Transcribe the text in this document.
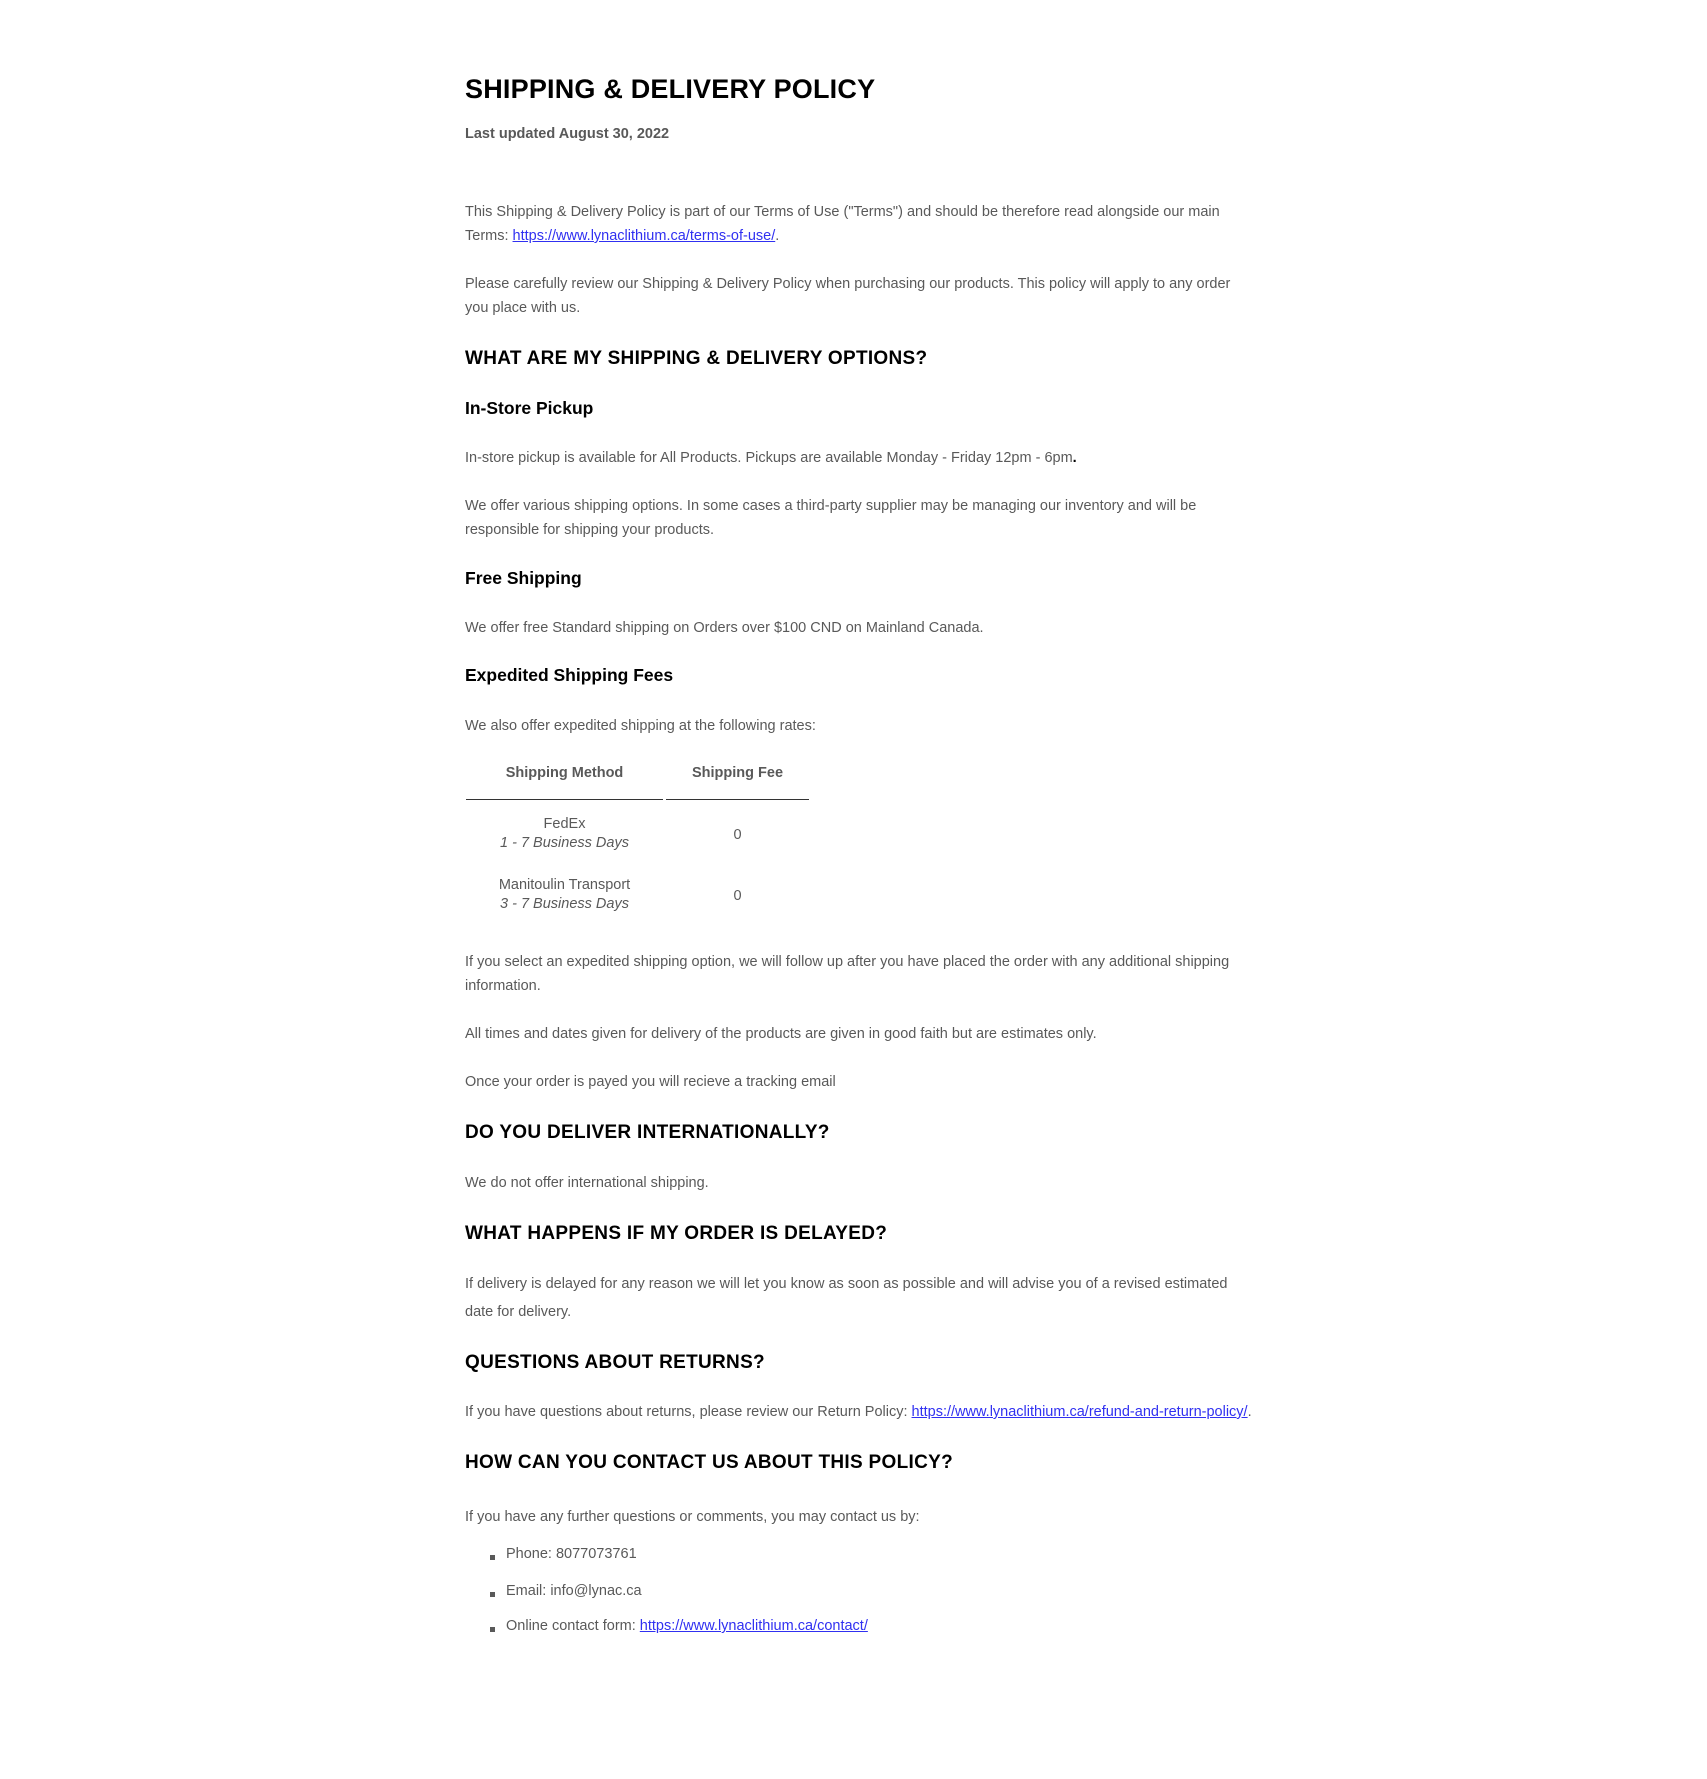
SHIPPING & DELIVERY POLICY
Last updated August 30, 2022

This Shipping & Delivery Policy is part of our Terms of Use ("Terms") and should be therefore read alongside our main Terms: https://www.lynaclithium.ca/terms-of-use/.

Please carefully review our Shipping & Delivery Policy when purchasing our products. This policy will apply to any order you place with us.

WHAT ARE MY SHIPPING & DELIVERY OPTIONS?
In-Store Pickup

In-store pickup is available for All Products. Pickups are available Monday - Friday 12pm - 6pm.

We offer various shipping options. In some cases a third-party supplier may be managing our inventory and will be responsible for shipping your products.

Free Shipping

We offer free Standard shipping on Orders over $100 CND on Mainland Canada.

Expedited Shipping Fees

We also offer expedited shipping at the following rates:

Shipping Method	Shipping Fee
FedEx
1 - 7 Business Days	0
Manitoulin Transport
3 - 7 Business Days	0

If you select an expedited shipping option, we will follow up after you have placed the order with any additional shipping information.

All times and dates given for delivery of the products are given in good faith but are estimates only.

Once your order is payed you will recieve a tracking email

DO YOU DELIVER INTERNATIONALLY?

We do not offer international shipping.

WHAT HAPPENS IF MY ORDER IS DELAYED?

If delivery is delayed for any reason we will let you know as soon as possible and will advise you of a revised estimated date for delivery.

QUESTIONS ABOUT RETURNS?

If you have questions about returns, please review our Return Policy: https://www.lynaclithium.ca/refund-and-return-policy/.

HOW CAN YOU CONTACT US ABOUT THIS POLICY?

If you have any further questions or comments, you may contact us by:

Phone: 8077073761
Email: info@lynac.ca
Online contact form: https://www.lynaclithium.ca/contact/
